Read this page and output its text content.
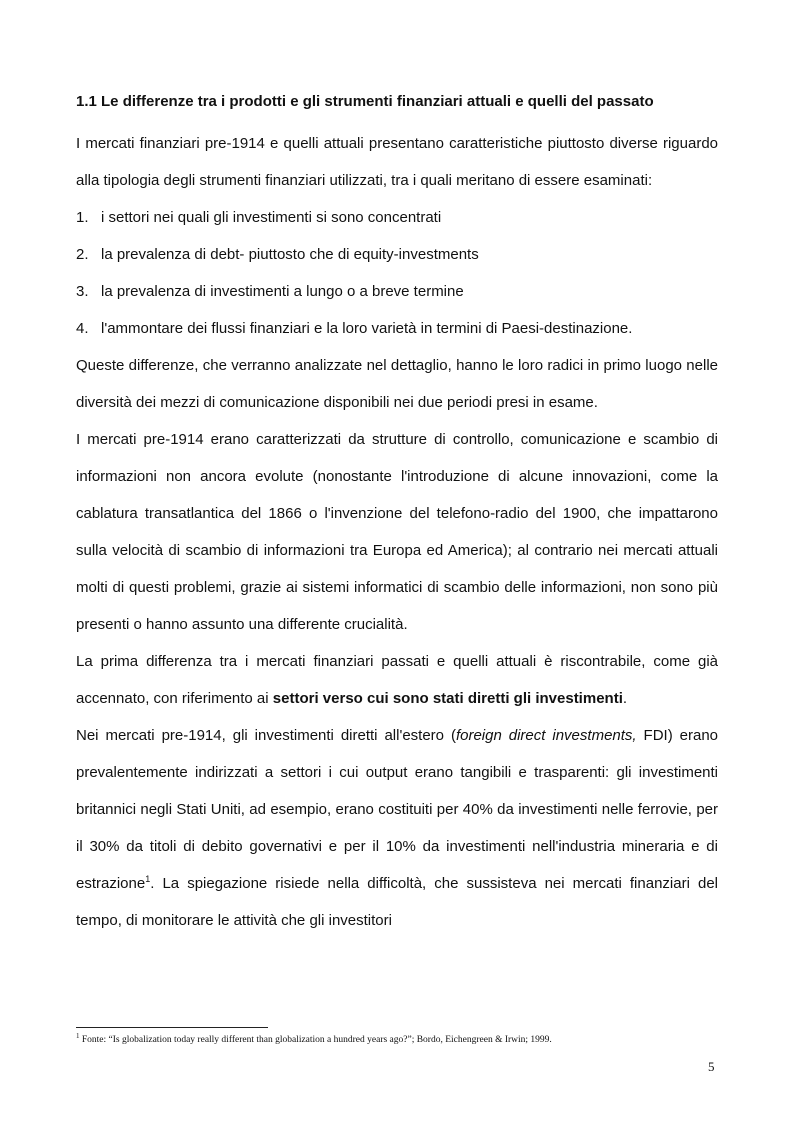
1.1 Le differenze tra i prodotti e gli strumenti finanziari attuali e quelli del passato

I mercati finanziari pre-1914 e quelli attuali presentano caratteristiche piuttosto diverse riguardo alla tipologia degli strumenti finanziari utilizzati, tra i quali meritano di essere esaminati:

1. i settori nei quali gli investimenti si sono concentrati
2. la prevalenza di debt- piuttosto che di equity-investments
3. la prevalenza di investimenti a lungo o a breve termine
4. l'ammontare dei flussi finanziari e la loro varietà in termini di Paesi-destinazione.

Queste differenze, che verranno analizzate nel dettaglio, hanno le loro radici in primo luogo nelle diversità dei mezzi di comunicazione disponibili nei due periodi presi in esame.

I mercati pre-1914 erano caratterizzati da strutture di controllo, comunicazione e scambio di informazioni non ancora evolute (nonostante l'introduzione di alcune innovazioni, come la cablatura transatlantica del 1866 o l'invenzione del telefono-radio del 1900, che impattarono sulla velocità di scambio di informazioni tra Europa ed America); al contrario nei mercati attuali molti di questi problemi, grazie ai sistemi informatici di scambio delle informazioni, non sono più presenti o hanno assunto una differente crucialità.

La prima differenza tra i mercati finanziari passati e quelli attuali è riscontrabile, come già accennato, con riferimento ai settori verso cui sono stati diretti gli investimenti.

Nei mercati pre-1914, gli investimenti diretti all'estero (foreign direct investments, FDI) erano prevalentemente indirizzati a settori i cui output erano tangibili e trasparenti: gli investimenti britannici negli Stati Uniti, ad esempio, erano costituiti per 40% da investimenti nelle ferrovie, per il 30% da titoli di debito governativi e per il 10% da investimenti nell'industria mineraria e di estrazione$^1$. La spiegazione risiede nella difficoltà, che sussisteva nei mercati finanziari del tempo, di monitorare le attività che gli investitori

$^1$ Fonte: “Is globalization today really different than globalization a hundred years ago?”; Bordo, Eichengreen & Irwin; 1999.
5
